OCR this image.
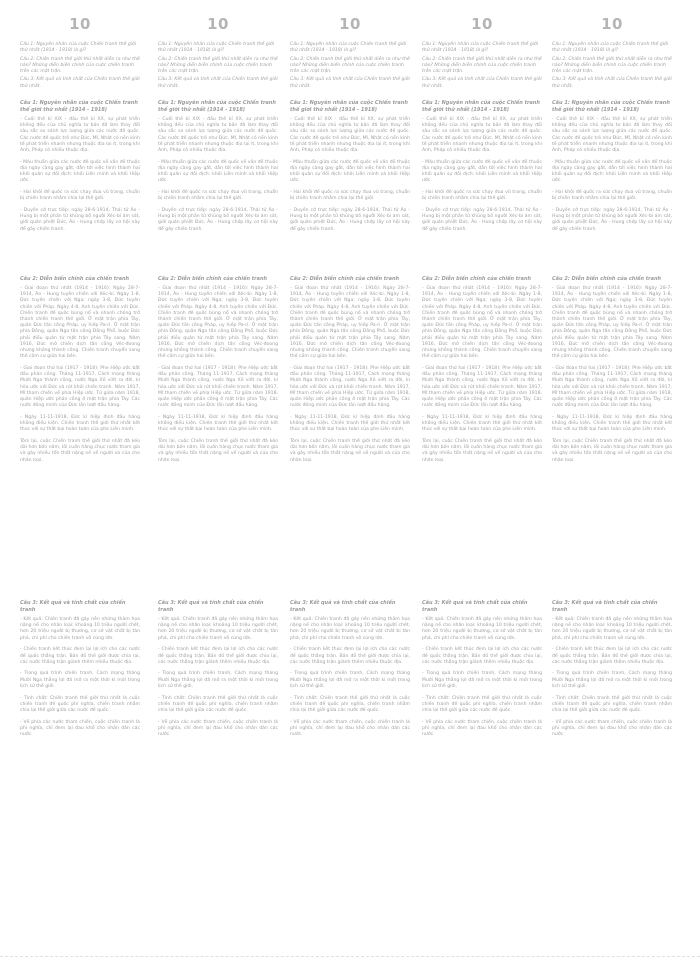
10

Câu 1: Nguyên nhân của cuộc Chiến tranh thế giới thứ nhất (1914 - 1918) là gì?

Câu 2: Chiến tranh thế giới thứ nhất diễn ra như thế nào? Những diễn biến chính của cuộc chiến tranh trên các mặt trận.

Câu 3: Kết quả và tính chất của Chiến tranh thế giới thứ nhất.

Câu 1: Nguyên nhân của cuộc Chiến tranh thế giới thứ nhất (1914 - 1918)

- Cuối thế kỉ XIX - đầu thế kỉ XX, sự phát triển không đều của chủ nghĩa tư bản đã làm thay đổi sâu sắc so sánh lực lượng giữa các nước đế quốc. Các nước đế quốc trẻ như Đức, Mĩ, Nhật có nền kinh tế phát triển nhanh nhưng thuộc địa lại ít, trong khi Anh, Pháp có nhiều thuộc địa.

- Mâu thuẫn giữa các nước đế quốc về vấn đề thuộc địa ngày càng gay gắt, dẫn tới việc hình thành hai khối quân sự đối địch: khối Liên minh và khối Hiệp ước.

- Hai khối đế quốc ra sức chạy đua vũ trang, chuẩn bị chiến tranh nhằm chia lại thế giới.

- Duyên cớ trực tiếp: ngày 28-6-1914, Thái tử Áo - Hung bị một phần tử khủng bố người Xéc-bi ám sát, giới quân phiệt Đức, Áo - Hung chớp lấy cơ hội này để gây chiến tranh.

Câu 2: Diễn biến chính của chiến tranh

- Giai đoạn thứ nhất (1914 - 1916): Ngày 28-7-1914, Áo - Hung tuyên chiến với Xéc-bi. Ngày 1-8, Đức tuyên chiến với Nga; ngày 3-8, Đức tuyên chiến với Pháp. Ngày 4-8, Anh tuyên chiến với Đức. Chiến tranh đế quốc bùng nổ và nhanh chóng trở thành chiến tranh thế giới. Ở mặt trận phía Tây, quân Đức tấn công Pháp, uy hiếp Pa-ri. Ở mặt trận phía Đông, quân Nga tấn công Đông Phổ, buộc Đức phải điều quân từ mặt trận phía Tây sang. Năm 1916, Đức mở chiến dịch tấn công Véc-đoong nhưng không thành công. Chiến tranh chuyển sang thế cầm cự giữa hai bên.

- Giai đoạn thứ hai (1917 - 1918): Phe Hiệp ước bắt đầu phản công. Tháng 11-1917, Cách mạng tháng Mười Nga thành công, nước Nga Xô viết ra đời, kí hòa ước với Đức và rút khỏi chiến tranh. Năm 1917, Mĩ tham chiến về phía Hiệp ước. Từ giữa năm 1918, quân Hiệp ước phản công ở mặt trận phía Tây. Các nước đồng minh của Đức lần lượt đầu hàng.

- Ngày 11-11-1918, Đức kí hiệp định đầu hàng không điều kiện. Chiến tranh thế giới thứ nhất kết thúc với sự thất bại hoàn toàn của phe Liên minh.

Tóm lại, cuộc Chiến tranh thế giới thứ nhất đã kéo dài hơn bốn năm, lôi cuốn hàng chục nước tham gia và gây nhiều tổn thất nặng nề về người và của cho nhân loại.

Câu 3: Kết quả và tính chất của chiến tranh

- Kết quả: Chiến tranh đã gây nên những thảm họa nặng nề cho nhân loại: khoảng 10 triệu người chết, hơn 20 triệu người bị thương, cơ sở vật chất bị tàn phá, chi phí cho chiến tranh vô cùng lớn.

- Chiến tranh kết thúc đem lại lợi ích cho các nước đế quốc thắng trận. Bản đồ thế giới được chia lại, các nước thắng trận giành thêm nhiều thuộc địa.

- Trong quá trình chiến tranh, Cách mạng tháng Mười Nga thắng lợi đã mở ra một thời kì mới trong lịch sử thế giới.

- Tính chất: Chiến tranh thế giới thứ nhất là cuộc chiến tranh đế quốc phi nghĩa, chiến tranh nhằm chia lại thế giới giữa các nước đế quốc.

- Về phía các nước tham chiến, cuộc chiến tranh là phi nghĩa, chỉ đem lại đau khổ cho nhân dân các nước.

10

Câu 1: Nguyên nhân của cuộc Chiến tranh thế giới thứ nhất (1914 - 1918) là gì?

Câu 2: Chiến tranh thế giới thứ nhất diễn ra như thế nào? Những diễn biến chính của cuộc chiến tranh trên các mặt trận.

Câu 3: Kết quả và tính chất của Chiến tranh thế giới thứ nhất.

Câu 1: Nguyên nhân của cuộc Chiến tranh thế giới thứ nhất (1914 - 1918)

- Cuối thế kỉ XIX - đầu thế kỉ XX, sự phát triển không đều của chủ nghĩa tư bản đã làm thay đổi sâu sắc so sánh lực lượng giữa các nước đế quốc. Các nước đế quốc trẻ như Đức, Mĩ, Nhật có nền kinh tế phát triển nhanh nhưng thuộc địa lại ít, trong khi Anh, Pháp có nhiều thuộc địa.

- Mâu thuẫn giữa các nước đế quốc về vấn đề thuộc địa ngày càng gay gắt, dẫn tới việc hình thành hai khối quân sự đối địch: khối Liên minh và khối Hiệp ước.

- Hai khối đế quốc ra sức chạy đua vũ trang, chuẩn bị chiến tranh nhằm chia lại thế giới.

- Duyên cớ trực tiếp: ngày 28-6-1914, Thái tử Áo - Hung bị một phần tử khủng bố người Xéc-bi ám sát, giới quân phiệt Đức, Áo - Hung chớp lấy cơ hội này để gây chiến tranh.

Câu 2: Diễn biến chính của chiến tranh

- Giai đoạn thứ nhất (1914 - 1916): Ngày 28-7-1914, Áo - Hung tuyên chiến với Xéc-bi. Ngày 1-8, Đức tuyên chiến với Nga; ngày 3-8, Đức tuyên chiến với Pháp. Ngày 4-8, Anh tuyên chiến với Đức. Chiến tranh đế quốc bùng nổ và nhanh chóng trở thành chiến tranh thế giới. Ở mặt trận phía Tây, quân Đức tấn công Pháp, uy hiếp Pa-ri. Ở mặt trận phía Đông, quân Nga tấn công Đông Phổ, buộc Đức phải điều quân từ mặt trận phía Tây sang. Năm 1916, Đức mở chiến dịch tấn công Véc-đoong nhưng không thành công. Chiến tranh chuyển sang thế cầm cự giữa hai bên.

- Giai đoạn thứ hai (1917 - 1918): Phe Hiệp ước bắt đầu phản công. Tháng 11-1917, Cách mạng tháng Mười Nga thành công, nước Nga Xô viết ra đời, kí hòa ước với Đức và rút khỏi chiến tranh. Năm 1917, Mĩ tham chiến về phía Hiệp ước. Từ giữa năm 1918, quân Hiệp ước phản công ở mặt trận phía Tây. Các nước đồng minh của Đức lần lượt đầu hàng.

- Ngày 11-11-1918, Đức kí hiệp định đầu hàng không điều kiện. Chiến tranh thế giới thứ nhất kết thúc với sự thất bại hoàn toàn của phe Liên minh.

Tóm lại, cuộc Chiến tranh thế giới thứ nhất đã kéo dài hơn bốn năm, lôi cuốn hàng chục nước tham gia và gây nhiều tổn thất nặng nề về người và của cho nhân loại.

Câu 3: Kết quả và tính chất của chiến tranh

- Kết quả: Chiến tranh đã gây nên những thảm họa nặng nề cho nhân loại: khoảng 10 triệu người chết, hơn 20 triệu người bị thương, cơ sở vật chất bị tàn phá, chi phí cho chiến tranh vô cùng lớn.

- Chiến tranh kết thúc đem lại lợi ích cho các nước đế quốc thắng trận. Bản đồ thế giới được chia lại, các nước thắng trận giành thêm nhiều thuộc địa.

- Trong quá trình chiến tranh, Cách mạng tháng Mười Nga thắng lợi đã mở ra một thời kì mới trong lịch sử thế giới.

- Tính chất: Chiến tranh thế giới thứ nhất là cuộc chiến tranh đế quốc phi nghĩa, chiến tranh nhằm chia lại thế giới giữa các nước đế quốc.

- Về phía các nước tham chiến, cuộc chiến tranh là phi nghĩa, chỉ đem lại đau khổ cho nhân dân các nước.

10

Câu 1: Nguyên nhân của cuộc Chiến tranh thế giới thứ nhất (1914 - 1918) là gì?

Câu 2: Chiến tranh thế giới thứ nhất diễn ra như thế nào? Những diễn biến chính của cuộc chiến tranh trên các mặt trận.

Câu 3: Kết quả và tính chất của Chiến tranh thế giới thứ nhất.

Câu 1: Nguyên nhân của cuộc Chiến tranh thế giới thứ nhất (1914 - 1918)

- Cuối thế kỉ XIX - đầu thế kỉ XX, sự phát triển không đều của chủ nghĩa tư bản đã làm thay đổi sâu sắc so sánh lực lượng giữa các nước đế quốc. Các nước đế quốc trẻ như Đức, Mĩ, Nhật có nền kinh tế phát triển nhanh nhưng thuộc địa lại ít, trong khi Anh, Pháp có nhiều thuộc địa.

- Mâu thuẫn giữa các nước đế quốc về vấn đề thuộc địa ngày càng gay gắt, dẫn tới việc hình thành hai khối quân sự đối địch: khối Liên minh và khối Hiệp ước.

- Hai khối đế quốc ra sức chạy đua vũ trang, chuẩn bị chiến tranh nhằm chia lại thế giới.

- Duyên cớ trực tiếp: ngày 28-6-1914, Thái tử Áo - Hung bị một phần tử khủng bố người Xéc-bi ám sát, giới quân phiệt Đức, Áo - Hung chớp lấy cơ hội này để gây chiến tranh.

Câu 2: Diễn biến chính của chiến tranh

- Giai đoạn thứ nhất (1914 - 1916): Ngày 28-7-1914, Áo - Hung tuyên chiến với Xéc-bi. Ngày 1-8, Đức tuyên chiến với Nga; ngày 3-8, Đức tuyên chiến với Pháp. Ngày 4-8, Anh tuyên chiến với Đức. Chiến tranh đế quốc bùng nổ và nhanh chóng trở thành chiến tranh thế giới. Ở mặt trận phía Tây, quân Đức tấn công Pháp, uy hiếp Pa-ri. Ở mặt trận phía Đông, quân Nga tấn công Đông Phổ, buộc Đức phải điều quân từ mặt trận phía Tây sang. Năm 1916, Đức mở chiến dịch tấn công Véc-đoong nhưng không thành công. Chiến tranh chuyển sang thế cầm cự giữa hai bên.

- Giai đoạn thứ hai (1917 - 1918): Phe Hiệp ước bắt đầu phản công. Tháng 11-1917, Cách mạng tháng Mười Nga thành công, nước Nga Xô viết ra đời, kí hòa ước với Đức và rút khỏi chiến tranh. Năm 1917, Mĩ tham chiến về phía Hiệp ước. Từ giữa năm 1918, quân Hiệp ước phản công ở mặt trận phía Tây. Các nước đồng minh của Đức lần lượt đầu hàng.

- Ngày 11-11-1918, Đức kí hiệp định đầu hàng không điều kiện. Chiến tranh thế giới thứ nhất kết thúc với sự thất bại hoàn toàn của phe Liên minh.

Tóm lại, cuộc Chiến tranh thế giới thứ nhất đã kéo dài hơn bốn năm, lôi cuốn hàng chục nước tham gia và gây nhiều tổn thất nặng nề về người và của cho nhân loại.

Câu 3: Kết quả và tính chất của chiến tranh

- Kết quả: Chiến tranh đã gây nên những thảm họa nặng nề cho nhân loại: khoảng 10 triệu người chết, hơn 20 triệu người bị thương, cơ sở vật chất bị tàn phá, chi phí cho chiến tranh vô cùng lớn.

- Chiến tranh kết thúc đem lại lợi ích cho các nước đế quốc thắng trận. Bản đồ thế giới được chia lại, các nước thắng trận giành thêm nhiều thuộc địa.

- Trong quá trình chiến tranh, Cách mạng tháng Mười Nga thắng lợi đã mở ra một thời kì mới trong lịch sử thế giới.

- Tính chất: Chiến tranh thế giới thứ nhất là cuộc chiến tranh đế quốc phi nghĩa, chiến tranh nhằm chia lại thế giới giữa các nước đế quốc.

- Về phía các nước tham chiến, cuộc chiến tranh là phi nghĩa, chỉ đem lại đau khổ cho nhân dân các nước.

10

Câu 1: Nguyên nhân của cuộc Chiến tranh thế giới thứ nhất (1914 - 1918) là gì?

Câu 2: Chiến tranh thế giới thứ nhất diễn ra như thế nào? Những diễn biến chính của cuộc chiến tranh trên các mặt trận.

Câu 3: Kết quả và tính chất của Chiến tranh thế giới thứ nhất.

Câu 1: Nguyên nhân của cuộc Chiến tranh thế giới thứ nhất (1914 - 1918)

- Cuối thế kỉ XIX - đầu thế kỉ XX, sự phát triển không đều của chủ nghĩa tư bản đã làm thay đổi sâu sắc so sánh lực lượng giữa các nước đế quốc. Các nước đế quốc trẻ như Đức, Mĩ, Nhật có nền kinh tế phát triển nhanh nhưng thuộc địa lại ít, trong khi Anh, Pháp có nhiều thuộc địa.

- Mâu thuẫn giữa các nước đế quốc về vấn đề thuộc địa ngày càng gay gắt, dẫn tới việc hình thành hai khối quân sự đối địch: khối Liên minh và khối Hiệp ước.

- Hai khối đế quốc ra sức chạy đua vũ trang, chuẩn bị chiến tranh nhằm chia lại thế giới.

- Duyên cớ trực tiếp: ngày 28-6-1914, Thái tử Áo - Hung bị một phần tử khủng bố người Xéc-bi ám sát, giới quân phiệt Đức, Áo - Hung chớp lấy cơ hội này để gây chiến tranh.

Câu 2: Diễn biến chính của chiến tranh

- Giai đoạn thứ nhất (1914 - 1916): Ngày 28-7-1914, Áo - Hung tuyên chiến với Xéc-bi. Ngày 1-8, Đức tuyên chiến với Nga; ngày 3-8, Đức tuyên chiến với Pháp. Ngày 4-8, Anh tuyên chiến với Đức. Chiến tranh đế quốc bùng nổ và nhanh chóng trở thành chiến tranh thế giới. Ở mặt trận phía Tây, quân Đức tấn công Pháp, uy hiếp Pa-ri. Ở mặt trận phía Đông, quân Nga tấn công Đông Phổ, buộc Đức phải điều quân từ mặt trận phía Tây sang. Năm 1916, Đức mở chiến dịch tấn công Véc-đoong nhưng không thành công. Chiến tranh chuyển sang thế cầm cự giữa hai bên.

- Giai đoạn thứ hai (1917 - 1918): Phe Hiệp ước bắt đầu phản công. Tháng 11-1917, Cách mạng tháng Mười Nga thành công, nước Nga Xô viết ra đời, kí hòa ước với Đức và rút khỏi chiến tranh. Năm 1917, Mĩ tham chiến về phía Hiệp ước. Từ giữa năm 1918, quân Hiệp ước phản công ở mặt trận phía Tây. Các nước đồng minh của Đức lần lượt đầu hàng.

- Ngày 11-11-1918, Đức kí hiệp định đầu hàng không điều kiện. Chiến tranh thế giới thứ nhất kết thúc với sự thất bại hoàn toàn của phe Liên minh.

Tóm lại, cuộc Chiến tranh thế giới thứ nhất đã kéo dài hơn bốn năm, lôi cuốn hàng chục nước tham gia và gây nhiều tổn thất nặng nề về người và của cho nhân loại.

Câu 3: Kết quả và tính chất của chiến tranh

- Kết quả: Chiến tranh đã gây nên những thảm họa nặng nề cho nhân loại: khoảng 10 triệu người chết, hơn 20 triệu người bị thương, cơ sở vật chất bị tàn phá, chi phí cho chiến tranh vô cùng lớn.

- Chiến tranh kết thúc đem lại lợi ích cho các nước đế quốc thắng trận. Bản đồ thế giới được chia lại, các nước thắng trận giành thêm nhiều thuộc địa.

- Trong quá trình chiến tranh, Cách mạng tháng Mười Nga thắng lợi đã mở ra một thời kì mới trong lịch sử thế giới.

- Tính chất: Chiến tranh thế giới thứ nhất là cuộc chiến tranh đế quốc phi nghĩa, chiến tranh nhằm chia lại thế giới giữa các nước đế quốc.

- Về phía các nước tham chiến, cuộc chiến tranh là phi nghĩa, chỉ đem lại đau khổ cho nhân dân các nước.

10

Câu 1: Nguyên nhân của cuộc Chiến tranh thế giới thứ nhất (1914 - 1918) là gì?

Câu 2: Chiến tranh thế giới thứ nhất diễn ra như thế nào? Những diễn biến chính của cuộc chiến tranh trên các mặt trận.

Câu 3: Kết quả và tính chất của Chiến tranh thế giới thứ nhất.

Câu 1: Nguyên nhân của cuộc Chiến tranh thế giới thứ nhất (1914 - 1918)

- Cuối thế kỉ XIX - đầu thế kỉ XX, sự phát triển không đều của chủ nghĩa tư bản đã làm thay đổi sâu sắc so sánh lực lượng giữa các nước đế quốc. Các nước đế quốc trẻ như Đức, Mĩ, Nhật có nền kinh tế phát triển nhanh nhưng thuộc địa lại ít, trong khi Anh, Pháp có nhiều thuộc địa.

- Mâu thuẫn giữa các nước đế quốc về vấn đề thuộc địa ngày càng gay gắt, dẫn tới việc hình thành hai khối quân sự đối địch: khối Liên minh và khối Hiệp ước.

- Hai khối đế quốc ra sức chạy đua vũ trang, chuẩn bị chiến tranh nhằm chia lại thế giới.

- Duyên cớ trực tiếp: ngày 28-6-1914, Thái tử Áo - Hung bị một phần tử khủng bố người Xéc-bi ám sát, giới quân phiệt Đức, Áo - Hung chớp lấy cơ hội này để gây chiến tranh.

Câu 2: Diễn biến chính của chiến tranh

- Giai đoạn thứ nhất (1914 - 1916): Ngày 28-7-1914, Áo - Hung tuyên chiến với Xéc-bi. Ngày 1-8, Đức tuyên chiến với Nga; ngày 3-8, Đức tuyên chiến với Pháp. Ngày 4-8, Anh tuyên chiến với Đức. Chiến tranh đế quốc bùng nổ và nhanh chóng trở thành chiến tranh thế giới. Ở mặt trận phía Tây, quân Đức tấn công Pháp, uy hiếp Pa-ri. Ở mặt trận phía Đông, quân Nga tấn công Đông Phổ, buộc Đức phải điều quân từ mặt trận phía Tây sang. Năm 1916, Đức mở chiến dịch tấn công Véc-đoong nhưng không thành công. Chiến tranh chuyển sang thế cầm cự giữa hai bên.

- Giai đoạn thứ hai (1917 - 1918): Phe Hiệp ước bắt đầu phản công. Tháng 11-1917, Cách mạng tháng Mười Nga thành công, nước Nga Xô viết ra đời, kí hòa ước với Đức và rút khỏi chiến tranh. Năm 1917, Mĩ tham chiến về phía Hiệp ước. Từ giữa năm 1918, quân Hiệp ước phản công ở mặt trận phía Tây. Các nước đồng minh của Đức lần lượt đầu hàng.

- Ngày 11-11-1918, Đức kí hiệp định đầu hàng không điều kiện. Chiến tranh thế giới thứ nhất kết thúc với sự thất bại hoàn toàn của phe Liên minh.

Tóm lại, cuộc Chiến tranh thế giới thứ nhất đã kéo dài hơn bốn năm, lôi cuốn hàng chục nước tham gia và gây nhiều tổn thất nặng nề về người và của cho nhân loại.

Câu 3: Kết quả và tính chất của chiến tranh

- Kết quả: Chiến tranh đã gây nên những thảm họa nặng nề cho nhân loại: khoảng 10 triệu người chết, hơn 20 triệu người bị thương, cơ sở vật chất bị tàn phá, chi phí cho chiến tranh vô cùng lớn.

- Chiến tranh kết thúc đem lại lợi ích cho các nước đế quốc thắng trận. Bản đồ thế giới được chia lại, các nước thắng trận giành thêm nhiều thuộc địa.

- Trong quá trình chiến tranh, Cách mạng tháng Mười Nga thắng lợi đã mở ra một thời kì mới trong lịch sử thế giới.

- Tính chất: Chiến tranh thế giới thứ nhất là cuộc chiến tranh đế quốc phi nghĩa, chiến tranh nhằm chia lại thế giới giữa các nước đế quốc.

- Về phía các nước tham chiến, cuộc chiến tranh là phi nghĩa, chỉ đem lại đau khổ cho nhân dân các nước.
